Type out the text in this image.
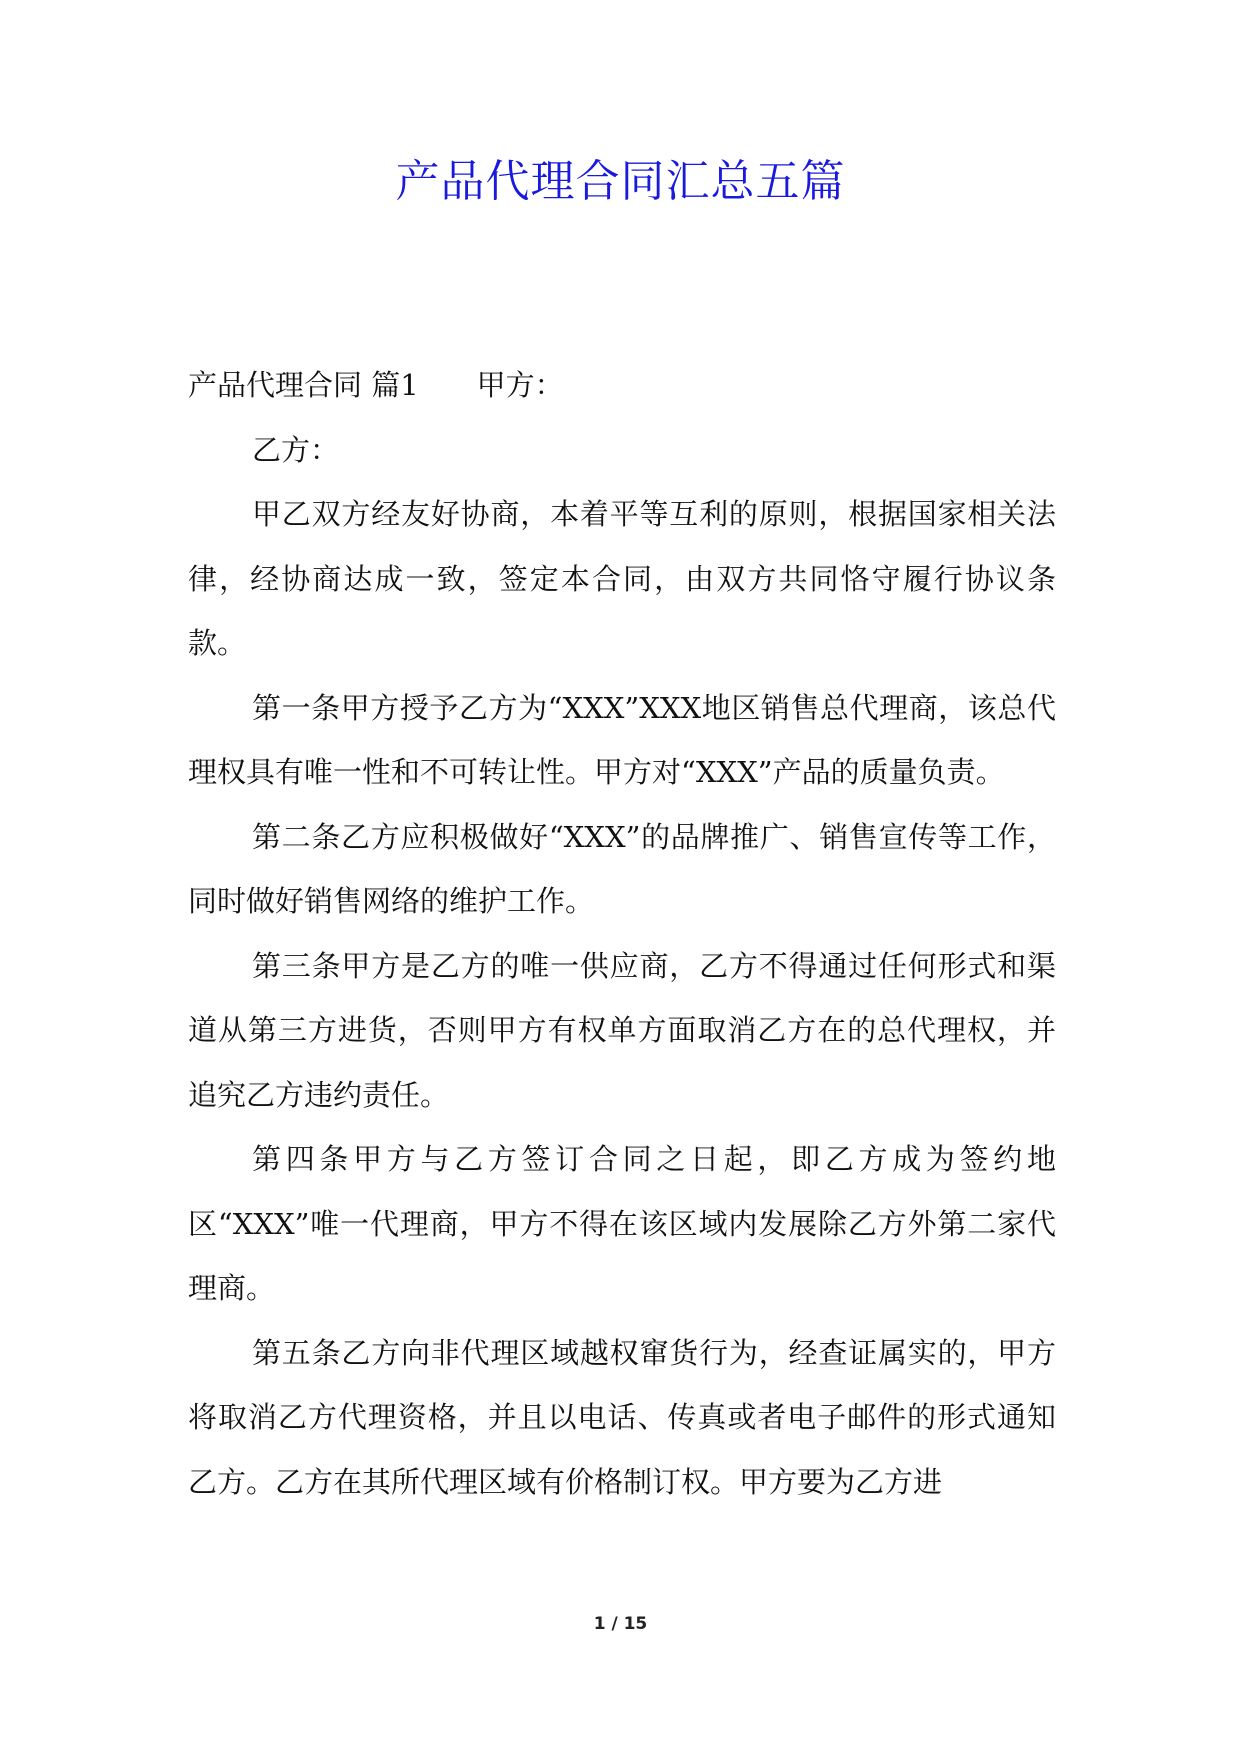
产品代理合同汇总五篇

产品代理合同 篇1 甲方：

乙方：

甲乙双方经友好协商，本着平等互利的原则，根据国家相关法律，经协商达成一致，签定本合同，由双方共同恪守履行协议条款。

第一条甲方授予乙方为“XXX”XXX地区销售总代理商，该总代理权具有唯一性和不可转让性。甲方对“XXX”产品的质量负责。

第二条乙方应积极做好“XXX”的品牌推广、销售宣传等工作，同时做好销售网络的维护工作。

第三条甲方是乙方的唯一供应商，乙方不得通过任何形式和渠道从第三方进货，否则甲方有权单方面取消乙方在的总代理权，并追究乙方违约责任。

第四条甲方与乙方签订合同之日起，即乙方成为签约地区“XXX”唯一代理商，甲方不得在该区域内发展除乙方外第二家代理商。

第五条乙方向非代理区域越权窜货行为，经查证属实的，甲方将取消乙方代理资格，并且以电话、传真或者电子邮件的形式通知乙方。乙方在其所代理区域有价格制订权。甲方要为乙方进

1 / 15
